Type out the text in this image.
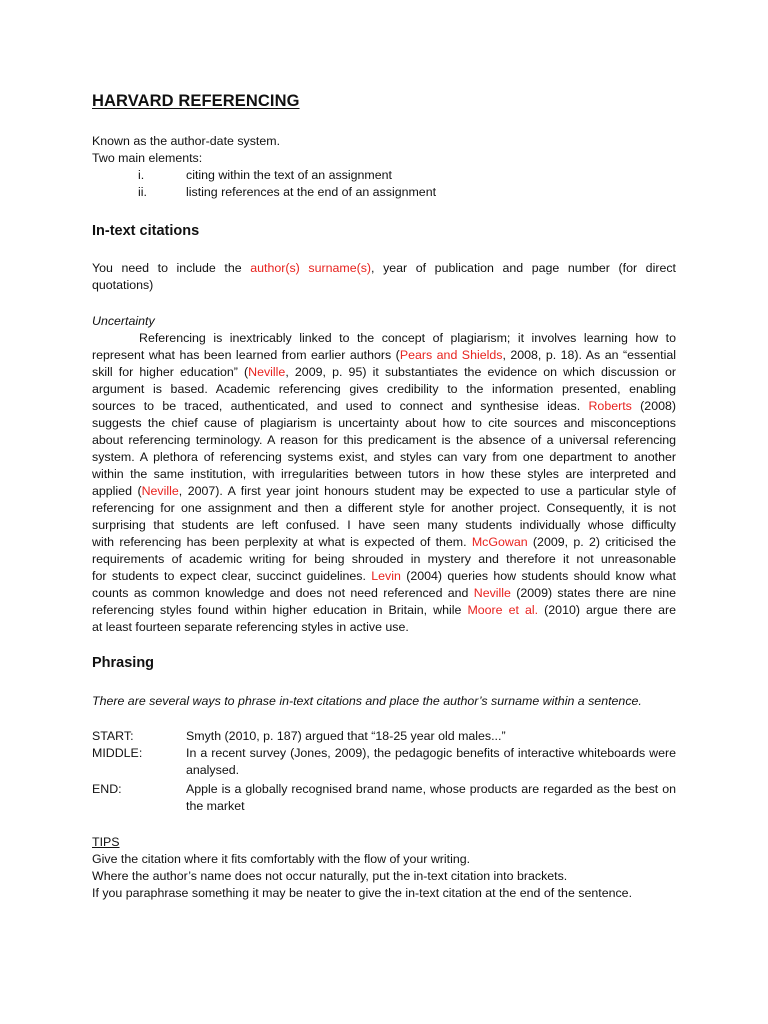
HARVARD REFERENCING
Known as the author-date system.
Two main elements:
i.	citing within the text of an assignment
ii.	listing references at the end of an assignment
In-text citations
You need to include the author(s) surname(s), year of publication and page number (for direct
quotations)
Uncertainty
Referencing is inextricably linked to the concept of plagiarism; it involves learning how to
represent what has been learned from earlier authors (Pears and Shields, 2008, p. 18). As an “essential
skill for higher education” (Neville, 2009, p. 95) it substantiates the evidence on which discussion or
argument is based. Academic referencing gives credibility to the information presented, enabling
sources to be traced, authenticated, and used to connect and synthesise ideas. Roberts (2008)
suggests the chief cause of plagiarism is uncertainty about how to cite sources and misconceptions
about referencing terminology. A reason for this predicament is the absence of a universal referencing
system. A plethora of referencing systems exist, and styles can vary from one department to another
within the same institution, with irregularities between tutors in how these styles are interpreted and
applied (Neville, 2007). A first year joint honours student may be expected to use a particular style of
referencing for one assignment and then a different style for another project. Consequently, it is not
surprising that students are left confused. I have seen many students individually whose difficulty
with referencing has been perplexity at what is expected of them. McGowan (2009, p. 2) criticised the
requirements of academic writing for being shrouded in mystery and therefore it not unreasonable
for students to expect clear, succinct guidelines. Levin (2004) queries how students should know what
counts as common knowledge and does not need referenced and Neville (2009) states there are nine
referencing styles found within higher education in Britain, while Moore et al. (2010) argue there are
at least fourteen separate referencing styles in active use.
Phrasing
There are several ways to phrase in-text citations and place the author’s surname within a sentence.
START:	Smyth (2010, p. 187) argued that “18-25 year old males...”
MIDDLE:	In a recent survey (Jones, 2009), the pedagogic benefits of interactive whiteboards were analysed.
END:	Apple is a globally recognised brand name, whose products are regarded as the best on the market
TIPS
Give the citation where it fits comfortably with the flow of your writing.
Where the author’s name does not occur naturally, put the in-text citation into brackets.
If you paraphrase something it may be neater to give the in-text citation at the end of the sentence.
